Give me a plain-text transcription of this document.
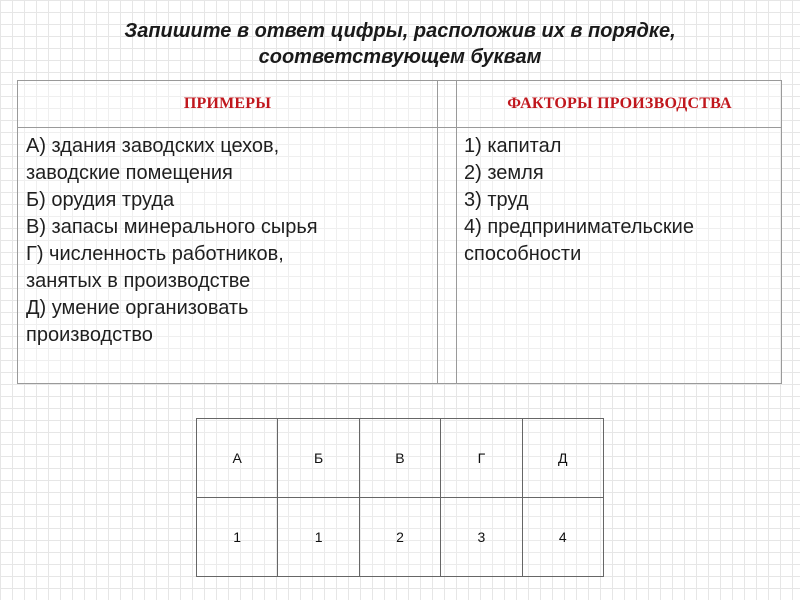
Запишите в ответ цифры, расположив их в порядке,
соответствующем буквам
ПРИМЕРЫ	ФАКТОРЫ ПРОИЗВОДСТВА
А) здания заводских цехов,
заводские помещения
Б) орудия труда
В) запасы минерального сырья
Г) численность работников,
занятых в производстве
Д) умение организовать
производство
1) капитал
2) земля
3) труд
4) предпринимательские
способности
А	Б	В	Г	Д
1	1	2	3	4
